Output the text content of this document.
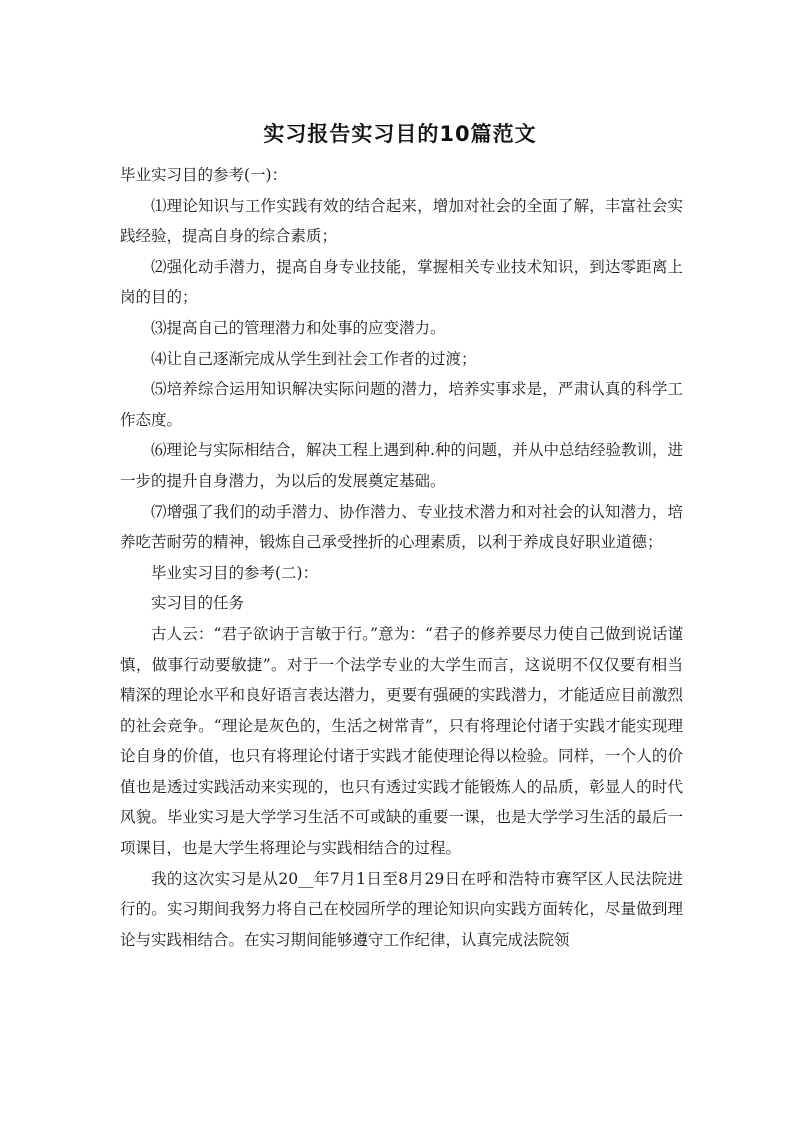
实习报告实习目的10篇范文

毕业实习目的参考(一)：

⑴理论知识与工作实践有效的结合起来，增加对社会的全面了解，丰富社会实践经验，提高自身的综合素质；

⑵强化动手潜力，提高自身专业技能，掌握相关专业技术知识，到达零距离上岗的目的；

⑶提高自己的管理潜力和处事的应变潜力。

⑷让自己逐渐完成从学生到社会工作者的过渡；

⑸培养综合运用知识解决实际问题的潜力，培养实事求是，严肃认真的科学工作态度。

⑹理论与实际相结合，解决工程上遇到种.种的问题，并从中总结经验教训，进一步的提升自身潜力，为以后的发展奠定基础。

⑺增强了我们的动手潜力、协作潜力、专业技术潜力和对社会的认知潜力，培养吃苦耐劳的精神，锻炼自己承受挫折的心理素质，以利于养成良好职业道德；

毕业实习目的参考(二)：

实习目的任务

古人云：“君子欲讷于言敏于行。”意为：“君子的修养要尽力使自己做到说话谨慎，做事行动要敏捷”。对于一个法学专业的大学生而言，这说明不仅仅要有相当精深的理论水平和良好语言表达潜力，更要有强硬的实践潜力，才能适应目前激烈的社会竞争。“理论是灰色的，生活之树常青”，只有将理论付诸于实践才能实现理论自身的价值，也只有将理论付诸于实践才能使理论得以检验。同样，一个人的价值也是透过实践活动来实现的，也只有透过实践才能锻炼人的品质，彰显人的时代风貌。毕业实习是大学学习生活不可或缺的重要一课，也是大学学习生活的最后一项课目，也是大学生将理论与实践相结合的过程。

我的这次实习是从20__年7月1日至8月29日在呼和浩特市赛罕区人民法院进行的。实习期间我努力将自己在校园所学的理论知识向实践方面转化，尽量做到理论与实践相结合。在实习期间能够遵守工作纪律，认真完成法院领
